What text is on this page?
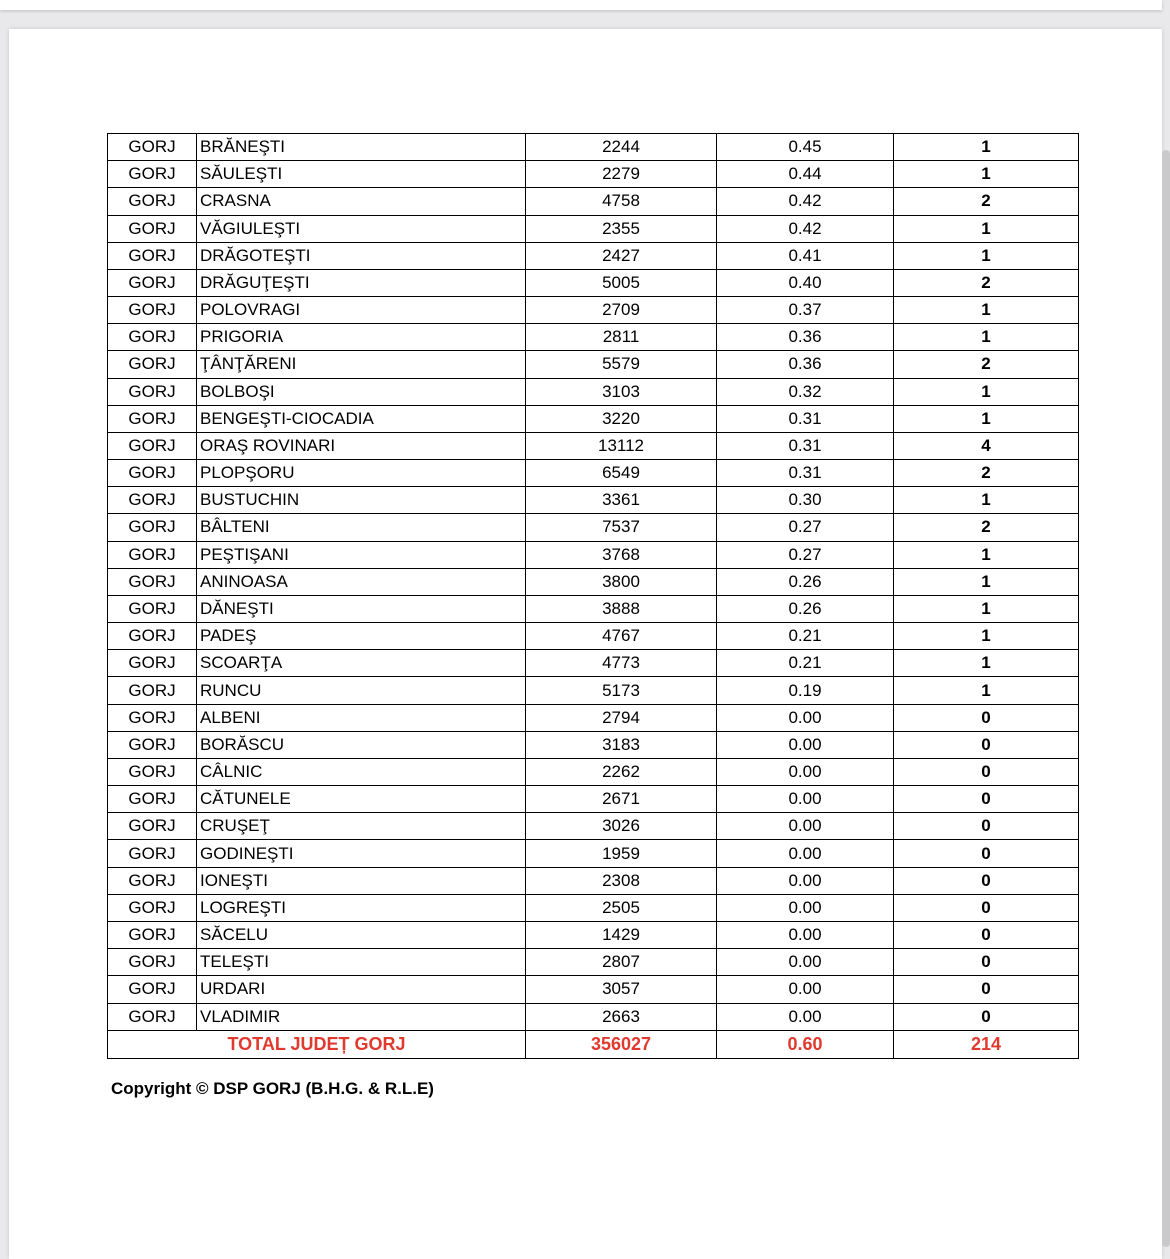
GORJ	BRĂNEŞTI	2244	0.45	1
GORJ	SĂULEŞTI	2279	0.44	1
GORJ	CRASNA	4758	0.42	2
GORJ	VĂGIULEŞTI	2355	0.42	1
GORJ	DRĂGOTEŞTI	2427	0.41	1
GORJ	DRĂGUŢEŞTI	5005	0.40	2
GORJ	POLOVRAGI	2709	0.37	1
GORJ	PRIGORIA	2811	0.36	1
GORJ	ŢÂNŢĂRENI	5579	0.36	2
GORJ	BOLBOŞI	3103	0.32	1
GORJ	BENGEŞTI-CIOCADIA	3220	0.31	1
GORJ	ORAŞ ROVINARI	13112	0.31	4
GORJ	PLOPŞORU	6549	0.31	2
GORJ	BUSTUCHIN	3361	0.30	1
GORJ	BÂLTENI	7537	0.27	2
GORJ	PEŞTIŞANI	3768	0.27	1
GORJ	ANINOASA	3800	0.26	1
GORJ	DĂNEŞTI	3888	0.26	1
GORJ	PADEŞ	4767	0.21	1
GORJ	SCOARŢA	4773	0.21	1
GORJ	RUNCU	5173	0.19	1
GORJ	ALBENI	2794	0.00	0
GORJ	BORĂSCU	3183	0.00	0
GORJ	CÂLNIC	2262	0.00	0
GORJ	CĂTUNELE	2671	0.00	0
GORJ	CRUŞEŢ	3026	0.00	0
GORJ	GODINEŞTI	1959	0.00	0
GORJ	IONEŞTI	2308	0.00	0
GORJ	LOGREŞTI	2505	0.00	0
GORJ	SĂCELU	1429	0.00	0
GORJ	TELEŞTI	2807	0.00	0
GORJ	URDARI	3057	0.00	0
GORJ	VLADIMIR	2663	0.00	0
TOTAL JUDEȚ GORJ		356027	0.60	214
Copyright © DSP GORJ (B.H.G. & R.L.E)
